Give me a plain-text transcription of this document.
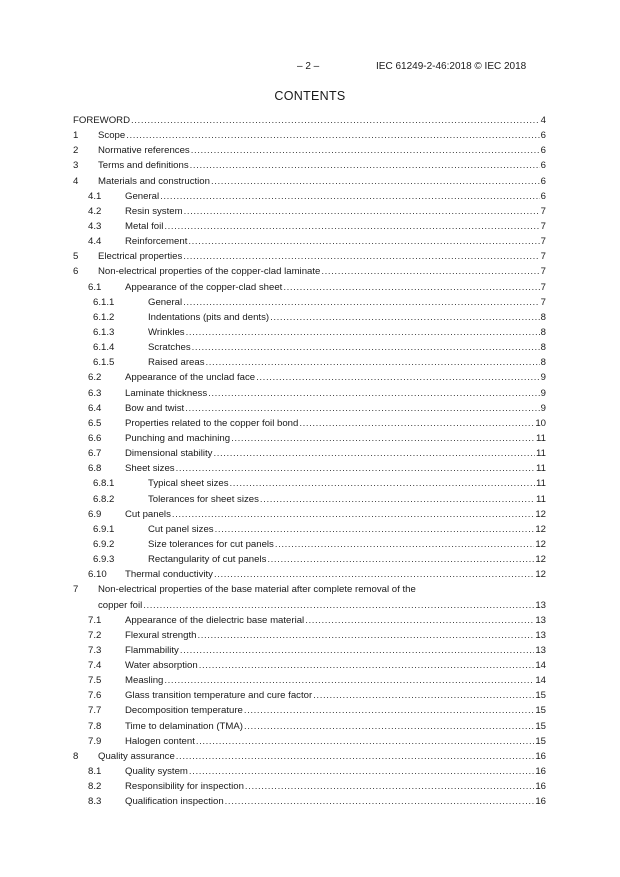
– 2 –	IEC 61249-2-46:2018 © IEC 2018
CONTENTS
FOREWORD .....	4
1	Scope .....	6
2	Normative references .....	6
3	Terms and definitions .....	6
4	Materials and construction .....	6
4.1	General .....	6
4.2	Resin system .....	7
4.3	Metal foil .....	7
4.4	Reinforcement .....	7
5	Electrical properties .....	7
6	Non-electrical properties of the copper-clad laminate .....	7
6.1	Appearance of the copper-clad sheet .....	7
6.1.1	General .....	7
6.1.2	Indentations (pits and dents) .....	8
6.1.3	Wrinkles .....	8
6.1.4	Scratches .....	8
6.1.5	Raised areas .....	8
6.2	Appearance of the unclad face .....	9
6.3	Laminate thickness .....	9
6.4	Bow and twist .....	9
6.5	Properties related to the copper foil bond .....	10
6.6	Punching and machining .....	11
6.7	Dimensional stability .....	11
6.8	Sheet sizes .....	11
6.8.1	Typical sheet sizes .....	11
6.8.2	Tolerances for sheet sizes .....	11
6.9	Cut panels .....	12
6.9.1	Cut panel sizes .....	12
6.9.2	Size tolerances for cut panels .....	12
6.9.3	Rectangularity of cut panels .....	12
6.10	Thermal conductivity .....	12
7	Non-electrical properties of the base material after complete removal of the
copper foil .....	13
7.1	Appearance of the dielectric base material .....	13
7.2	Flexural strength .....	13
7.3	Flammability .....	13
7.4	Water absorption .....	14
7.5	Measling .....	14
7.6	Glass transition temperature and cure factor .....	15
7.7	Decomposition temperature .....	15
7.8	Time to delamination (TMA) .....	15
7.9	Halogen content .....	15
8	Quality assurance .....	16
8.1	Quality system .....	16
8.2	Responsibility for inspection .....	16
8.3	Qualification inspection .....	16
